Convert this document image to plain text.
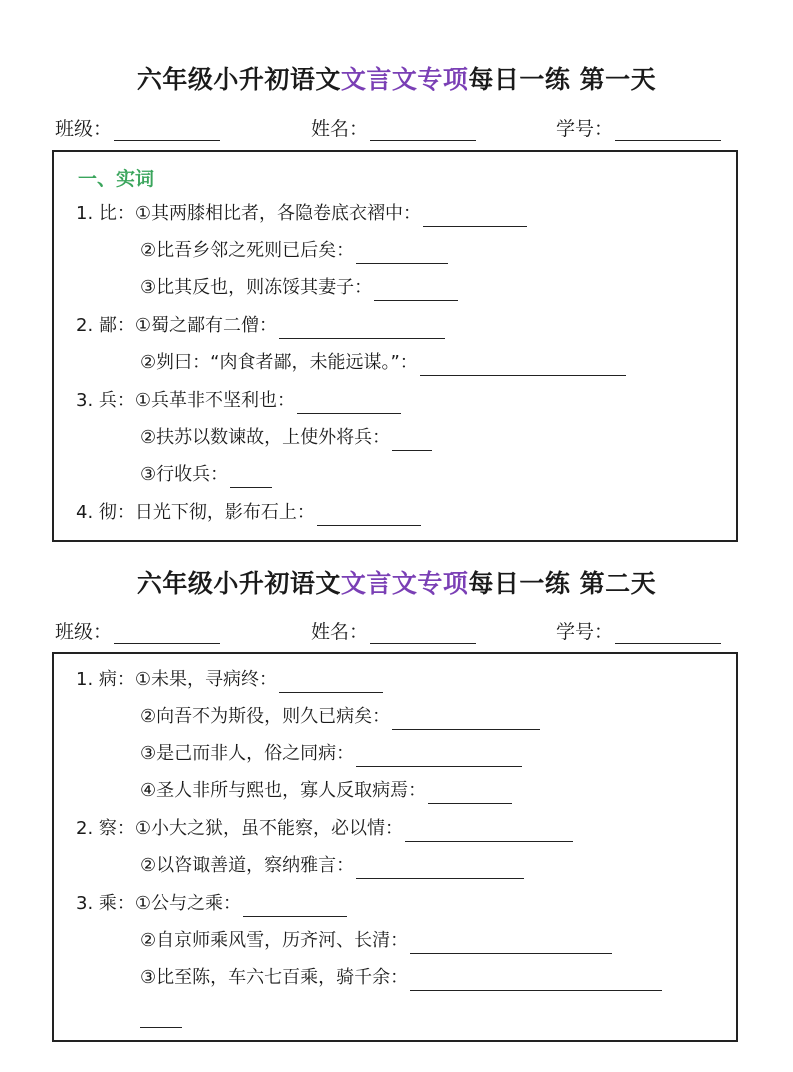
六年级小升初语文文言文专项每日一练 第一天
班级：	姓名：	学号：
一、实词
1. 比：①其两膝相比者，各隐卷底衣褶中：
②比吾乡邻之死则已后矣：
③比其反也，则冻馁其妻子：
2. 鄙：①蜀之鄙有二僧：
②刿曰：“肉食者鄙，未能远谋。”：
3. 兵：①兵革非不坚利也：
②扶苏以数谏故，上使外将兵：
③行收兵：
4. 彻：日光下彻，影布石上：
六年级小升初语文文言文专项每日一练 第二天
班级：	姓名：	学号：
1. 病：①未果，寻病终：
②向吾不为斯役，则久已病矣：
③是己而非人，俗之同病：
④圣人非所与熙也，寡人反取病焉：
2. 察：①小大之狱，虽不能察，必以情：
②以咨诹善道，察纳雅言：
3. 乘：①公与之乘：
②自京师乘风雪，历齐河、长清：
③比至陈，车六七百乘，骑千余：
